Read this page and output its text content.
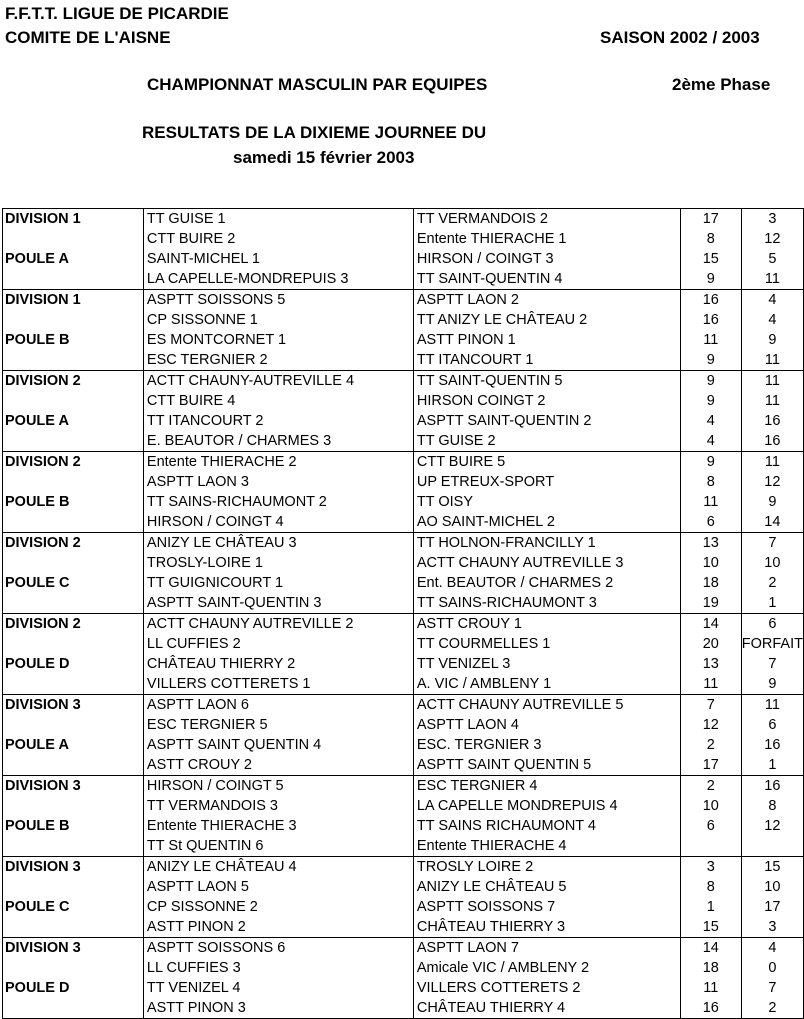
F.F.T.T. LIGUE DE PICARDIE
COMITE DE L'AISNE	SAISON 2002 / 2003
CHAMPIONNAT MASCULIN PAR EQUIPES	2ème Phase
RESULTATS DE LA DIXIEME JOURNEE DU
samedi 15 février 2003
DIVISION 1	TT GUISE 1	TT VERMANDOIS 2	17	3
	CTT BUIRE 2	Entente THIERACHE 1	8	12
POULE A	SAINT-MICHEL 1	HIRSON / COINGT 3	15	5
	LA CAPELLE-MONDREPUIS 3	TT SAINT-QUENTIN 4	9	11
DIVISION 1	ASPTT SOISSONS 5	ASPTT LAON 2	16	4
	CP SISSONNE 1	TT ANIZY LE CHÂTEAU 2	16	4
POULE B	ES MONTCORNET 1	ASTT PINON 1	11	9
	ESC TERGNIER 2	TT ITANCOURT 1	9	11
DIVISION 2	ACTT CHAUNY-AUTREVILLE 4	TT SAINT-QUENTIN 5	9	11
	CTT BUIRE 4	HIRSON COINGT 2	9	11
POULE A	TT ITANCOURT 2	ASPTT SAINT-QUENTIN 2	4	16
	E. BEAUTOR / CHARMES 3	TT GUISE 2	4	16
DIVISION 2	Entente THIERACHE 2	CTT BUIRE 5	9	11
	ASPTT LAON 3	UP ETREUX-SPORT	8	12
POULE B	TT SAINS-RICHAUMONT 2	TT OISY	11	9
	HIRSON / COINGT 4	AO SAINT-MICHEL 2	6	14
DIVISION 2	ANIZY LE CHÂTEAU 3	TT HOLNON-FRANCILLY 1	13	7
	TROSLY-LOIRE 1	ACTT CHAUNY AUTREVILLE 3	10	10
POULE C	TT GUIGNICOURT 1	Ent. BEAUTOR / CHARMES 2	18	2
	ASPTT SAINT-QUENTIN 3	TT SAINS-RICHAUMONT 3	19	1
DIVISION 2	ACTT CHAUNY AUTREVILLE 2	ASTT CROUY 1	14	6
	LL CUFFIES 2	TT COURMELLES 1	20	FORFAIT
POULE D	CHÂTEAU THIERRY 2	TT VENIZEL 3	13	7
	VILLERS COTTERETS 1	A. VIC / AMBLENY 1	11	9
DIVISION 3	ASPTT LAON 6	ACTT CHAUNY AUTREVILLE 5	7	11
	ESC TERGNIER 5	ASPTT LAON 4	12	6
POULE A	ASPTT SAINT QUENTIN 4	ESC. TERGNIER 3	2	16
	ASTT CROUY 2	ASPTT SAINT QUENTIN 5	17	1
DIVISION 3	HIRSON / COINGT 5	ESC TERGNIER 4	2	16
	TT VERMANDOIS 3	LA CAPELLE MONDREPUIS 4	10	8
POULE B	Entente THIERACHE 3	TT SAINS RICHAUMONT 4	6	12
	TT St QUENTIN 6	Entente THIERACHE 4		
DIVISION 3	ANIZY LE CHÂTEAU 4	TROSLY LOIRE 2	3	15
	ASPTT LAON 5	ANIZY LE CHÂTEAU 5	8	10
POULE C	CP SISSONNE 2	ASPTT SOISSONS 7	1	17
	ASTT PINON 2	CHÂTEAU THIERRY 3	15	3
DIVISION 3	ASPTT SOISSONS 6	ASPTT LAON 7	14	4
	LL CUFFIES 3	Amicale VIC / AMBLENY 2	18	0
POULE D	TT VENIZEL 4	VILLERS COTTERETS 2	11	7
	ASTT PINON 3	CHÂTEAU THIERRY 4	16	2
